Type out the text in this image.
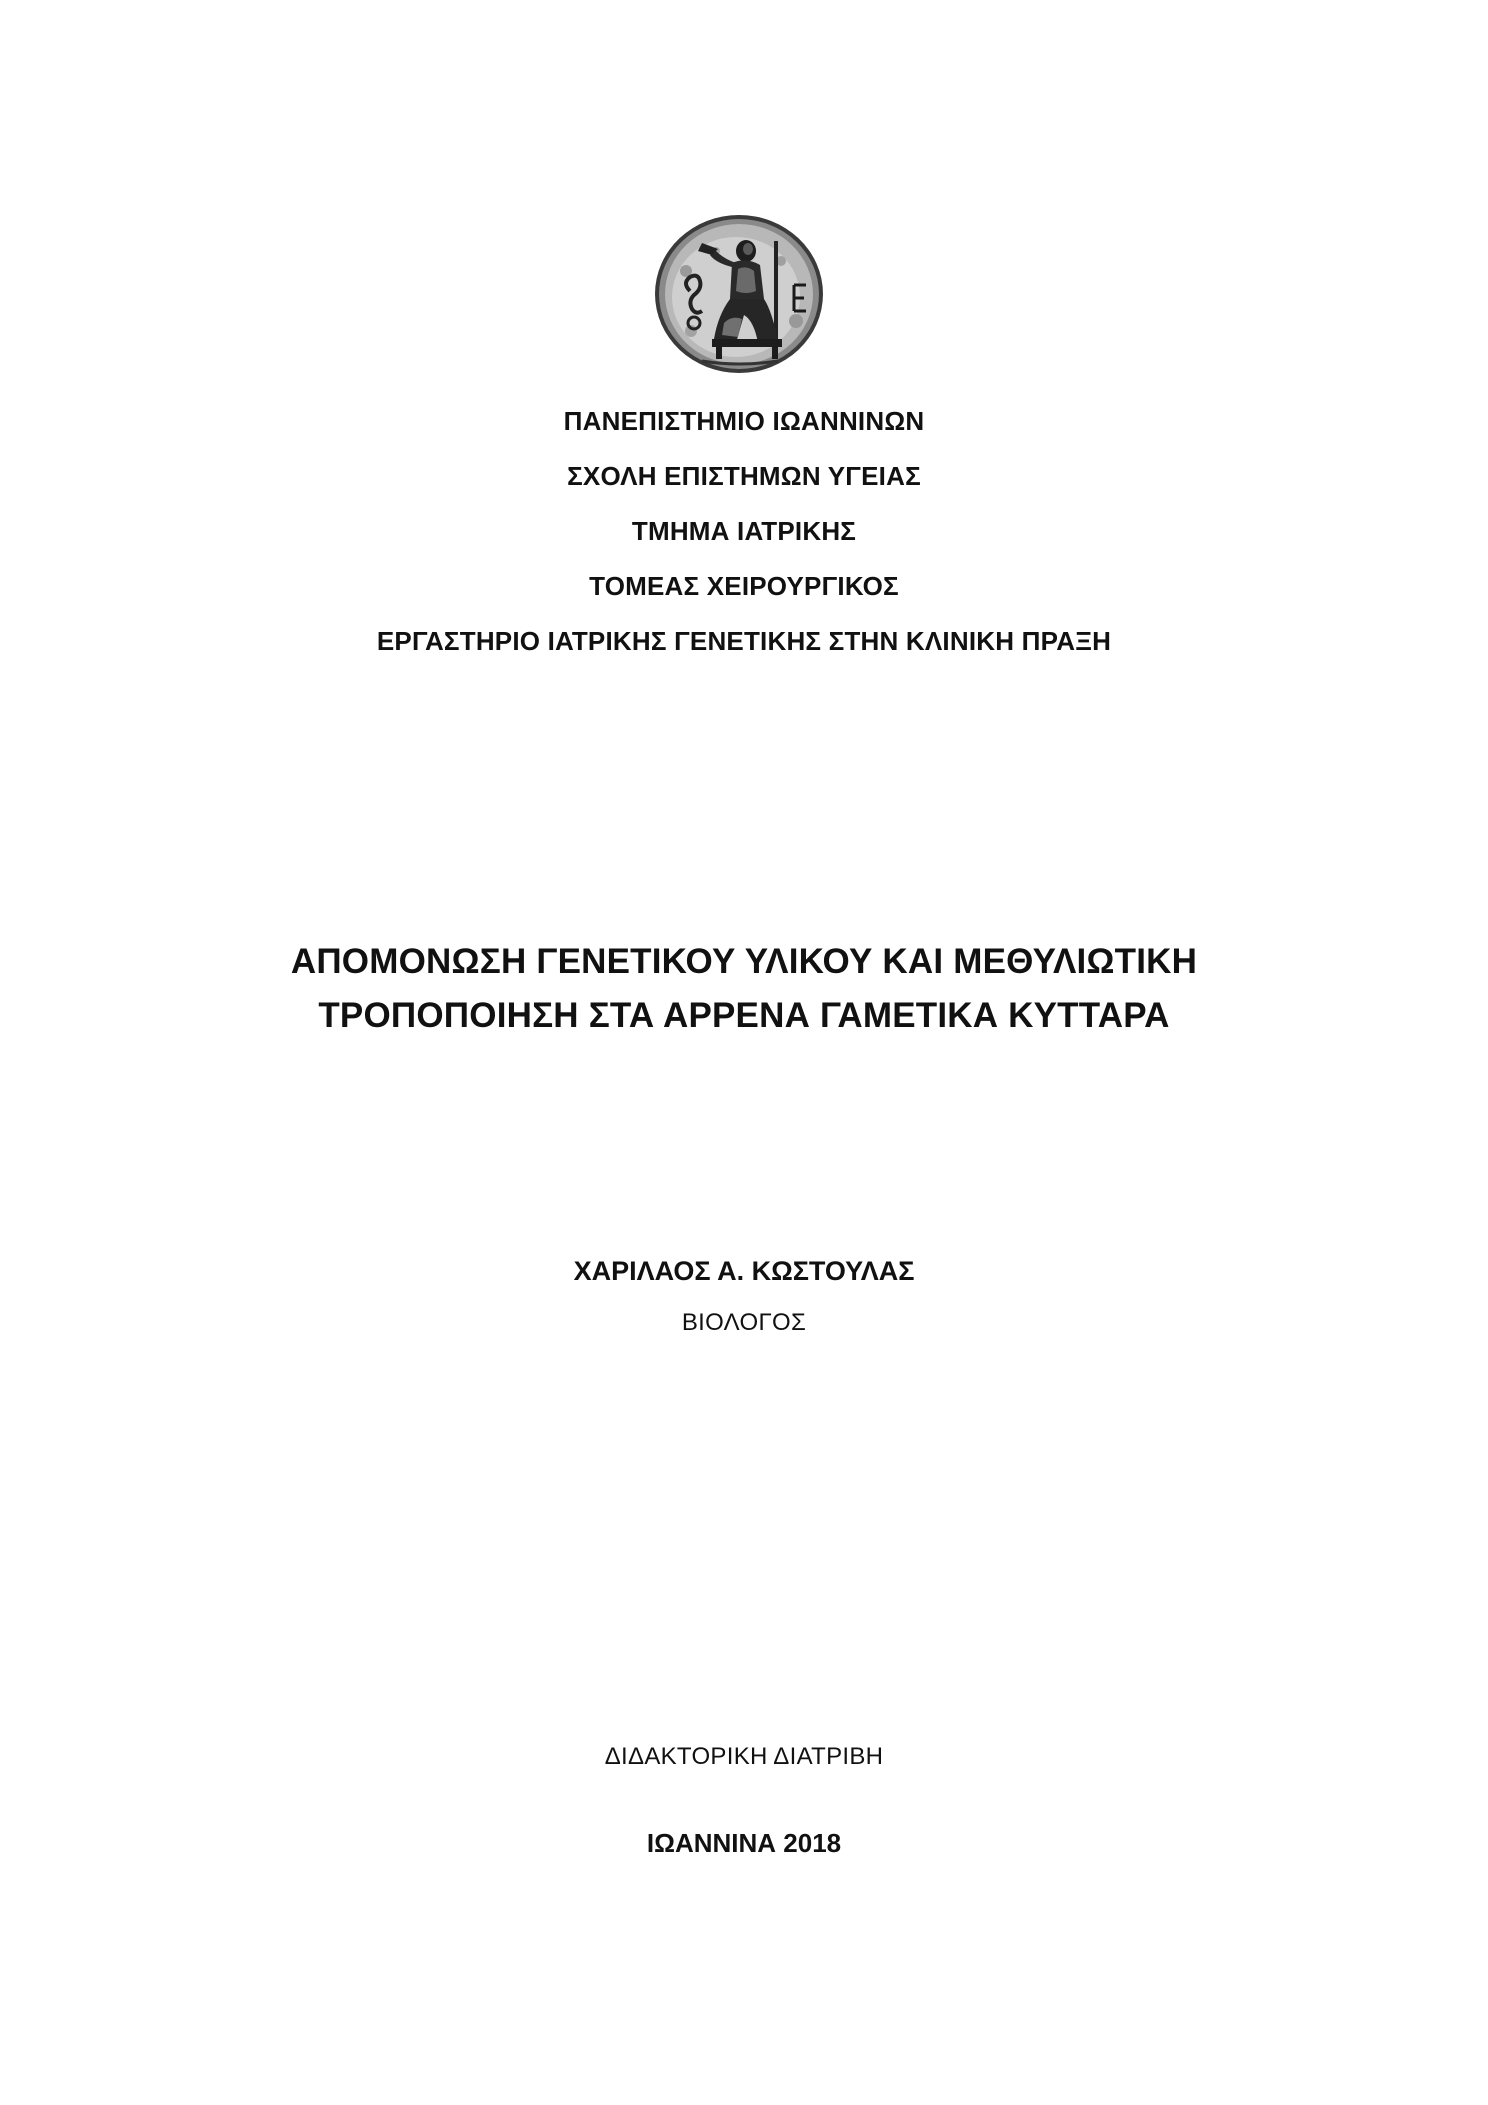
ΠΑΝΕΠΙΣΤΗΜΙΟ ΙΩΑΝΝΙΝΩΝ
ΣΧΟΛΗ ΕΠΙΣΤΗΜΩΝ ΥΓΕΙΑΣ
ΤΜΗΜΑ ΙΑΤΡΙΚΗΣ
ΤΟΜΕΑΣ ΧΕΙΡΟΥΡΓΙΚΟΣ
ΕΡΓΑΣΤΗΡΙΟ ΙΑΤΡΙΚΗΣ ΓΕΝΕΤΙΚΗΣ ΣΤΗΝ ΚΛΙΝΙΚΗ ΠΡΑΞΗ
ΑΠΟΜΟΝΩΣΗ ΓΕΝΕΤΙΚΟΥ ΥΛΙΚΟΥ ΚΑΙ ΜΕΘΥΛΙΩΤΙΚΗ
ΤΡΟΠΟΠΟΙΗΣΗ ΣΤΑ ΑΡΡΕΝΑ ΓΑΜΕΤΙΚΑ ΚΥΤΤΑΡΑ
ΧΑΡΙΛΑΟΣ Α. ΚΩΣΤΟΥΛΑΣ
ΒΙΟΛΟΓΟΣ
ΔΙΔΑΚΤΟΡΙΚΗ ΔΙΑΤΡΙΒΗ
ΙΩΑΝΝΙΝΑ 2018
